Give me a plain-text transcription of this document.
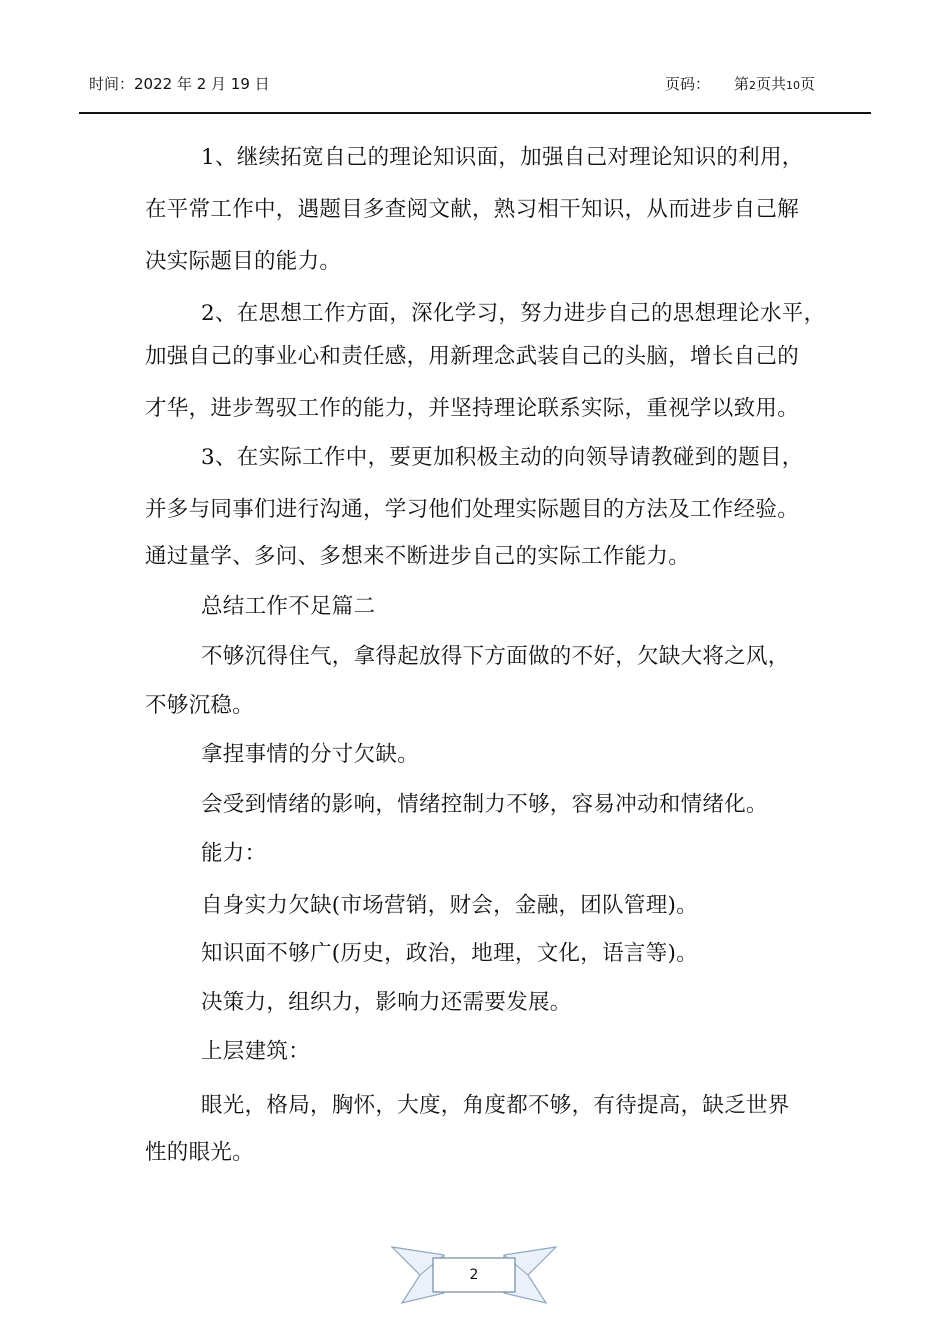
时间：2022 年 2 月 19 日	页码： 第2页共10页

1、继续拓宽自己的理论知识面，加强自己对理论知识的利用，

在平常工作中，遇题目多查阅文献，熟习相干知识，从而进步自己解

决实际题目的能力。

2、在思想工作方面，深化学习，努力进步自己的思想理论水平，

加强自己的事业心和责任感，用新理念武装自己的头脑，增长自己的

才华，进步驾驭工作的能力，并坚持理论联系实际，重视学以致用。

3、在实际工作中，要更加积极主动的向领导请教碰到的题目，

并多与同事们进行沟通，学习他们处理实际题目的方法及工作经验。

通过量学、多问、多想来不断进步自己的实际工作能力。

总结工作不足篇二

不够沉得住气，拿得起放得下方面做的不好，欠缺大将之风，

不够沉稳。

拿捏事情的分寸欠缺。

会受到情绪的影响，情绪控制力不够，容易冲动和情绪化。

能力：

自身实力欠缺(市场营销，财会，金融，团队管理)。

知识面不够广(历史，政治，地理，文化，语言等)。

决策力，组织力，影响力还需要发展。

上层建筑：

眼光，格局，胸怀，大度，角度都不够，有待提高，缺乏世界

性的眼光。

2
